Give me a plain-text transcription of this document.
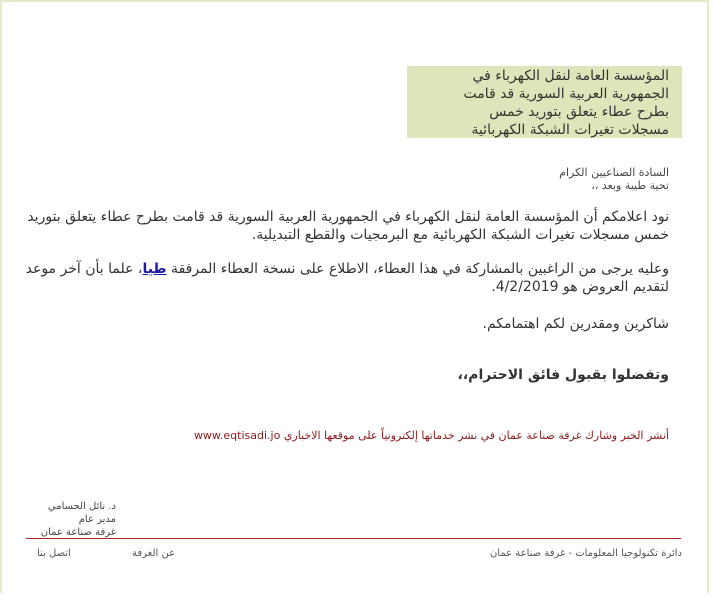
المؤسسة العامة لنقل الكهرباء في
الجمهورية العربية السورية قد قامت
بطرح عطاء يتعلق بتوريد خمس
مسجلات تغيرات الشبكة الكهربائية
السادة الصناعيين الكرام
تحية طيبة وبعد ،،
نود اعلامكم أن المؤسسة العامة لنقل الكهرباء في الجمهورية العربية السورية قد قامت بطرح عطاء يتعلق بتوريد خمس مسجلات تغيرات الشبكة الكهربائية مع البرمجيات والقطع التبديلية.
وعليه يرجى من الراغبين بالمشاركة في هذا العطاء، الاطلاع على نسخة العطاء المرفقة طيا، علما بأن آخر موعد لتقديم العروض هو 4/2/2019.
شاكرين ومقدرين لكم اهتمامكم.
وتفضلوا بقبول فائق الاحترام،،
أنشر الخبر وشارك غرفة صناعة عمان في نشر خدماتها إلكترونياً على موقعها الاخباري www.eqtisadi.jo
د. نائل الحسامي
مدير عام
غرفة صناعة عمان
دائرة تكنولوجيا المعلومات - غرفة صناعة عمان
عن الغرفة
اتصل بنا
